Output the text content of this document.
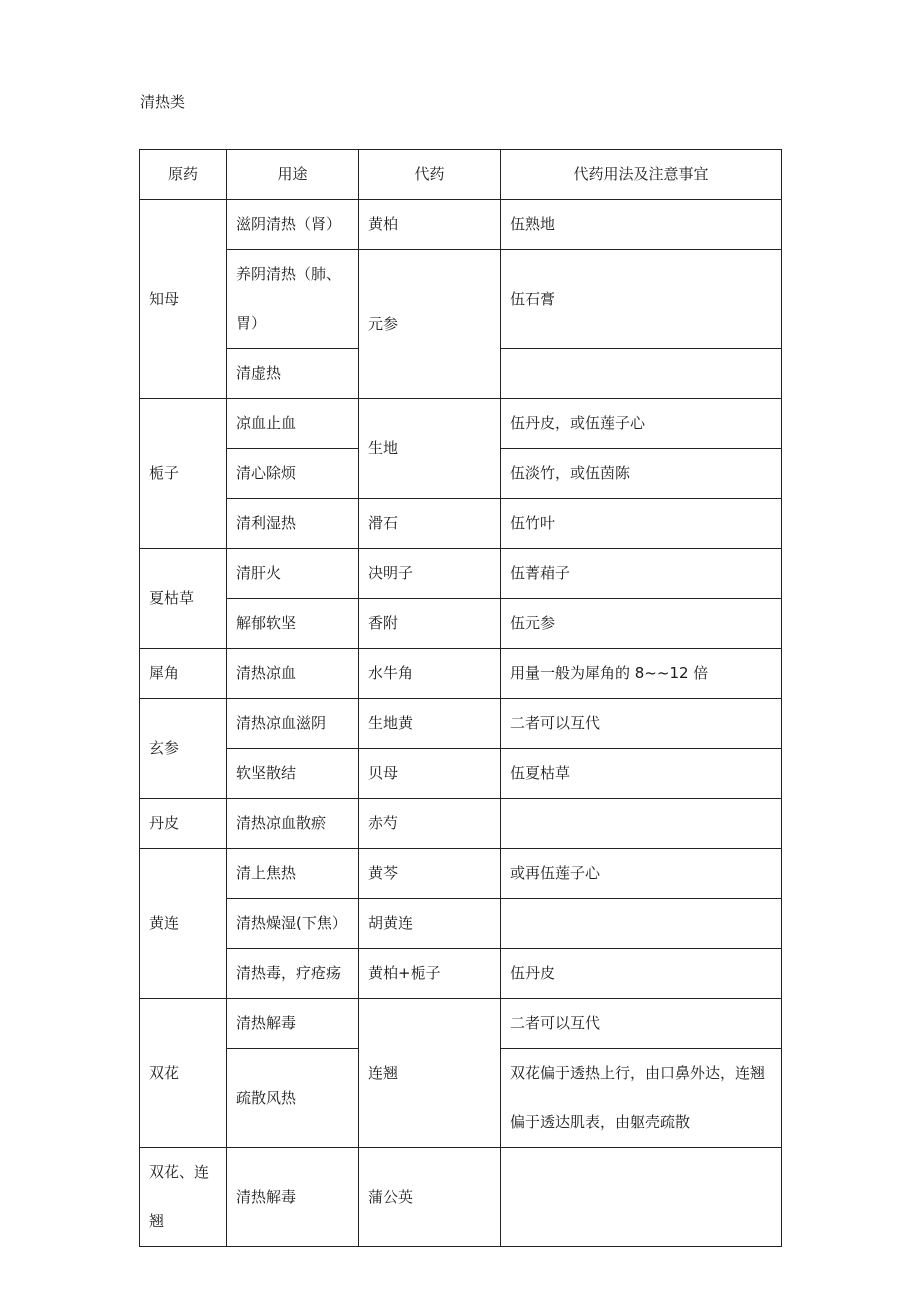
清热类
原药	用途	代药	代药用法及注意事宜
知母	滋阴清热（肾）	黄柏	伍熟地
	养阴清热（肺、胃）	元参	伍石膏

	清虚热		
栀子	凉血止血	生地	伍丹皮，或伍莲子心
	清心除烦		伍淡竹，或伍茵陈
	清利湿热	滑石	伍竹叶
夏枯草	清肝火	决明子	伍菁葙子
	解郁软坚	香附	伍元参
犀角	清热凉血	水牛角	用量一般为犀角的 8~~12 倍
玄参	清热凉血滋阴	生地黄	二者可以互代
	软坚散结	贝母	伍夏枯草
丹皮	清热凉血散瘀	赤芍	
黄连	清上焦热	黄芩	或再伍莲子心
	清热燥湿(下焦）	胡黄连	
	清热毒，疗疮疡	黄柏+栀子	伍丹皮
双花	清热解毒	连翘	二者可以互代
	疏散风热		双花偏于透热上行，由口鼻外达，连翘偏于透达肌表，由躯壳疏散

双花、连翘	清热解毒	蒲公英	
